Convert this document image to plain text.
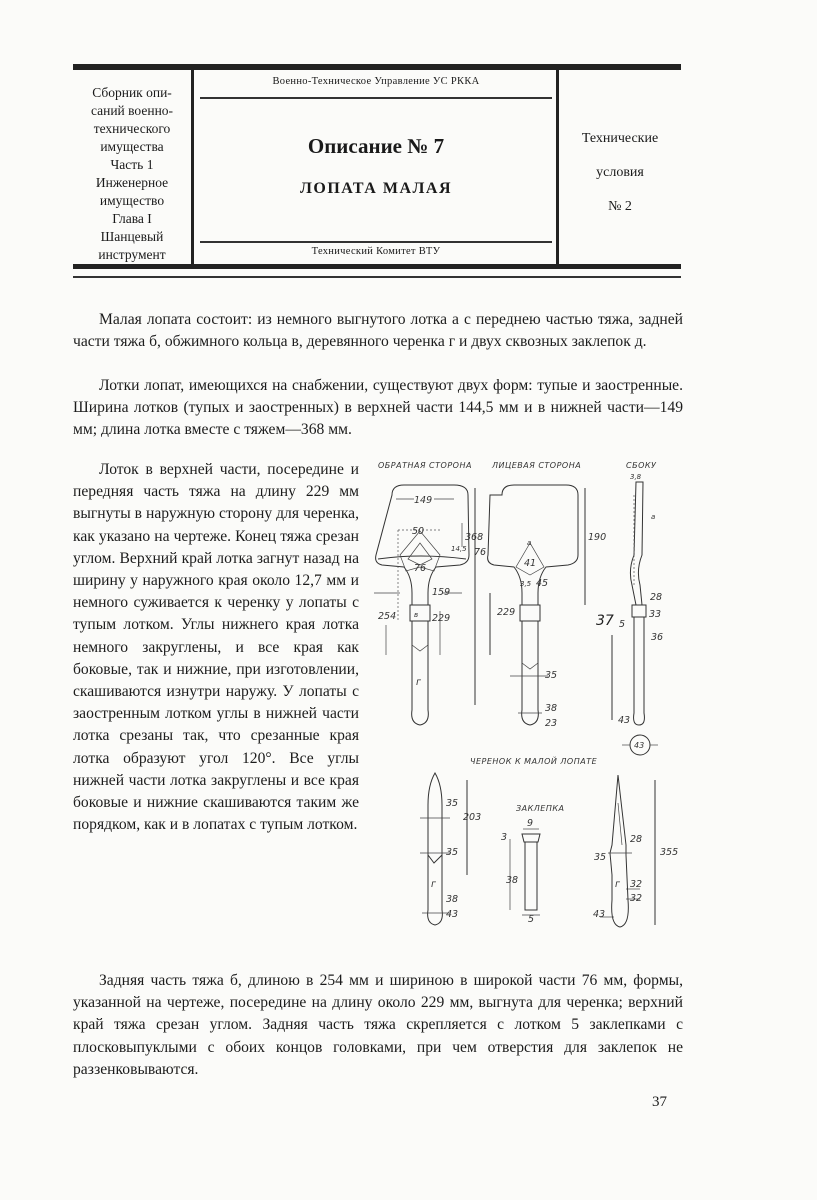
Сборник опи-
саний военно-
технического
имущества
Часть 1
Инженерное
имущество
Глава I
Шанцевый
инструмент
Военно-Техническое Управление УС РККА
Описание № 7
ЛОПАТА МАЛАЯ
Технический Комитет ВТУ
Технические
условия
№ 2

Малая лопата состоит: из немного выгнутого лотка а с переднею частью тяжа, задней части тяжа б, обжимного кольца в, деревянного черенка г и двух сквозных заклепок д.

Лотки лопат, имеющихся на снабжении, существуют двух форм: тупые и заостренные. Ширина лотков (тупых и заостренных) в верхней части 144,5 мм и в нижней части—149 мм; длина лотка вместе с тяжем—368 мм.

Лоток в верхней части, посередине и передняя часть тяжа на длину 229 мм выгнуты в наружную сторону для черенка, как указано на чертеже. Конец тяжа срезан углом. Верхний край лотка загнут назад на ширину у наружного края около 12,7 мм и немного суживается к черенку у лопаты с тупым лотком. Углы нижнего края лотка немного закруглены, и все края как боковые, так и нижние, при изготовлении, скашиваются изнутри наружу. У лопаты с заостренным лотком углы в нижней части лотка срезаны так, что срезанные края лотка образуют угол 120°. Все углы нижней части лотка закруглены и все края боковые и нижние скашиваются таким же порядком, как и в лопатах с тупым лотком.

Задняя часть тяжа б, длиною в 254 мм и шириною в широкой части 76 мм, формы, указанной на чертеже, посередине на длину около 229 мм, выгнута для черенка; верхний край тяжа срезан углом. Задняя часть тяжа скрепляется с лотком 5 заклепками с плосковыпуклыми с обоих концов головками, при чем отверстия для заклепок не раззенковываются.

ОБРАТНАЯ СТОРОНА	ЛИЦЕВАЯ СТОРОНА	СБОКУ
149
50
368
76
14,5
76
159
254	229
в
г
190
41
3,5 45
229
35
38
23
а
3,8
28
33
36
37 5
43
43
а
ЧЕРЕНОК К МАЛОЙ ЛОПАТЕ
35
203
35
38
43
г
ЗАКЛЕПКА
9
3
38
5
28
35	355
32
32
43
г
37
